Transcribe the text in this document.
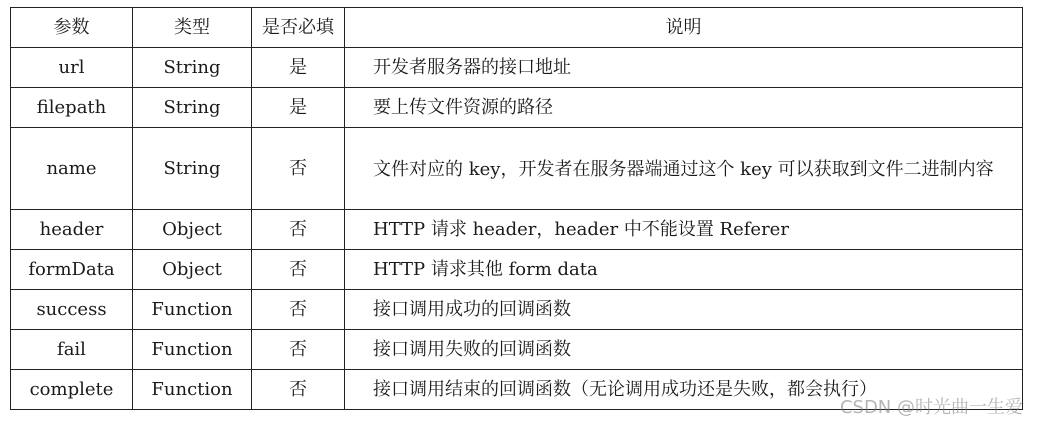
参数	类型	是否必填	说明
url	String	是	开发者服务器的接口地址
filepath	String	是	要上传文件资源的路径
name	String	否	文件对应的 key，开发者在服务器端通过这个 key 可以获取到文件二进制内容
header	Object	否	HTTP 请求 header，header 中不能设置 Referer
formData	Object	否	HTTP 请求其他 form data
success	Function	否	接口调用成功的回调函数
fail	Function	否	接口调用失败的回调函数
complete	Function	否	接口调用结束的回调函数（无论调用成功还是失败，都会执行）
CSDN @时光曲一生爱
